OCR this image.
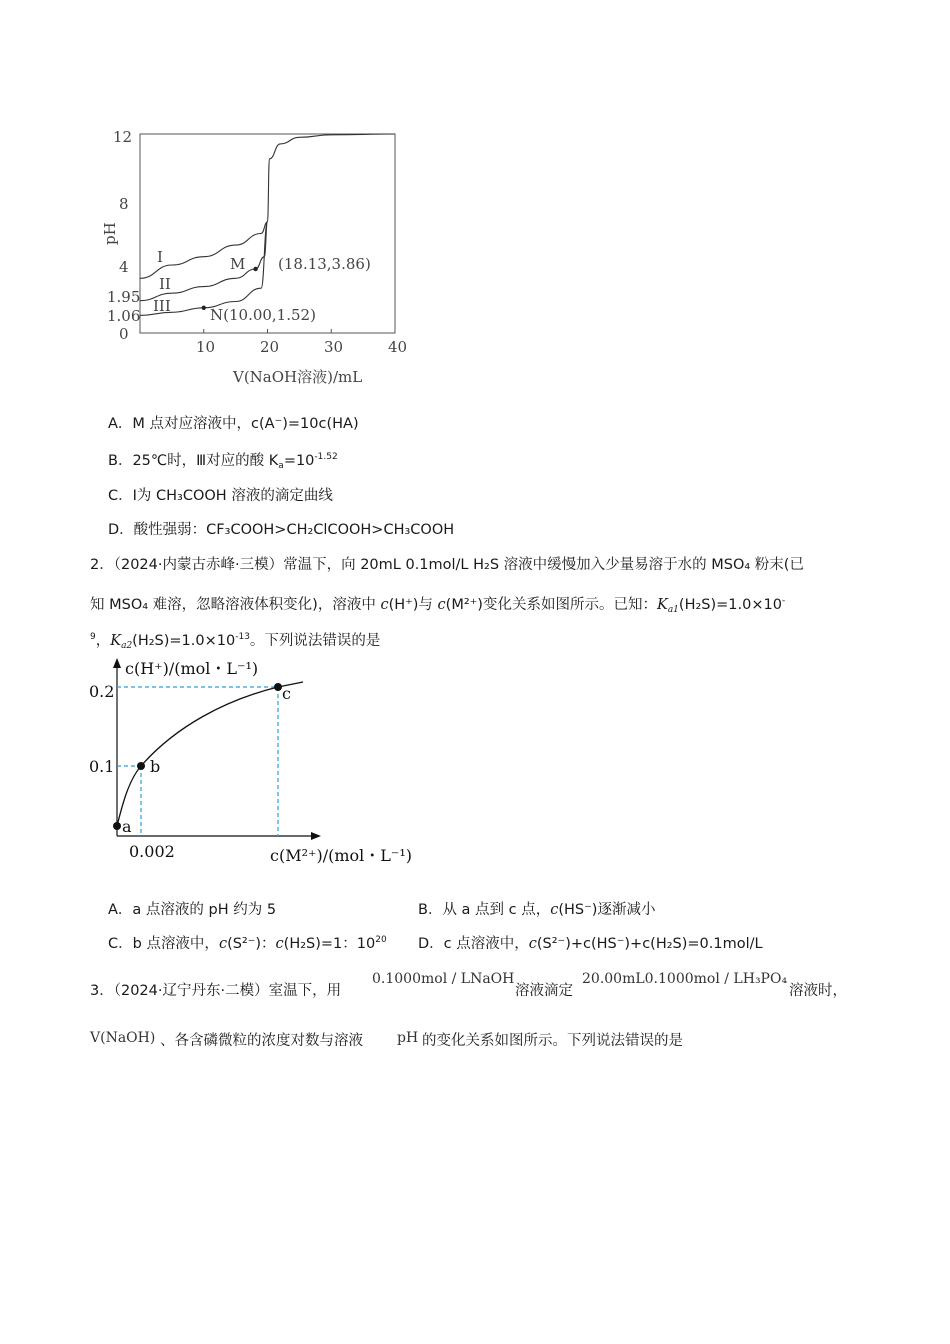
pH
V(NaOH溶液)/mL
10	20	30	40
12
8
4
1.95
1.06
0
I
II
III
M (18.13,3.86)
N(10.00,1.52)
A．M 点对应溶液中，c(A⁻)=10c(HA)
B．25℃时，Ⅲ对应的酸 $K_a=10^{-1.52}$
C．Ⅰ为 CH₃COOH 溶液的滴定曲线
D．酸性强弱：CF₃COOH>CH₂ClCOOH>CH₃COOH
2．（2024·内蒙古赤峰·三模）常温下，向 20mL 0.1mol/L H₂S 溶液中缓慢加入少量易溶于水的 MSO₄ 粉末(已
知 MSO₄ 难溶，忽略溶液体积变化)，溶液中 c(H⁺)与 c(M²⁺)变化关系如图所示。已知：$K_{a1}(H_2S)=1.0\times 10^-$
$^9$，$K_{a2}(H_2S)=1.0\times 10^{-13}$。下列说法错误的是
c(H⁺)/(mol・L⁻¹)
c(M²⁺)/(mol・L⁻¹)
0.2
0.1
0.002
a
b
c
A．a 点溶液的 pH 约为 5	B．从 a 点到 c 点，c(HS⁻)逐渐减小
C．b 点溶液中，c(S²⁻)：c(H₂S)=1：$10^{20}$ D．c 点溶液中，c(S²⁻)+c(HS⁻)+c(H₂S)=0.1mol/L
3．（2024·辽宁丹东·二模）室温下，用
0.1000mol / LNaOH
溶液滴定
20.00mL0.1000mol / LH₃PO₄
溶液时，
V(NaOH) 、各含磷微粒的浓度对数与溶液 pH 的变化关系如图所示。下列说法错误的是
